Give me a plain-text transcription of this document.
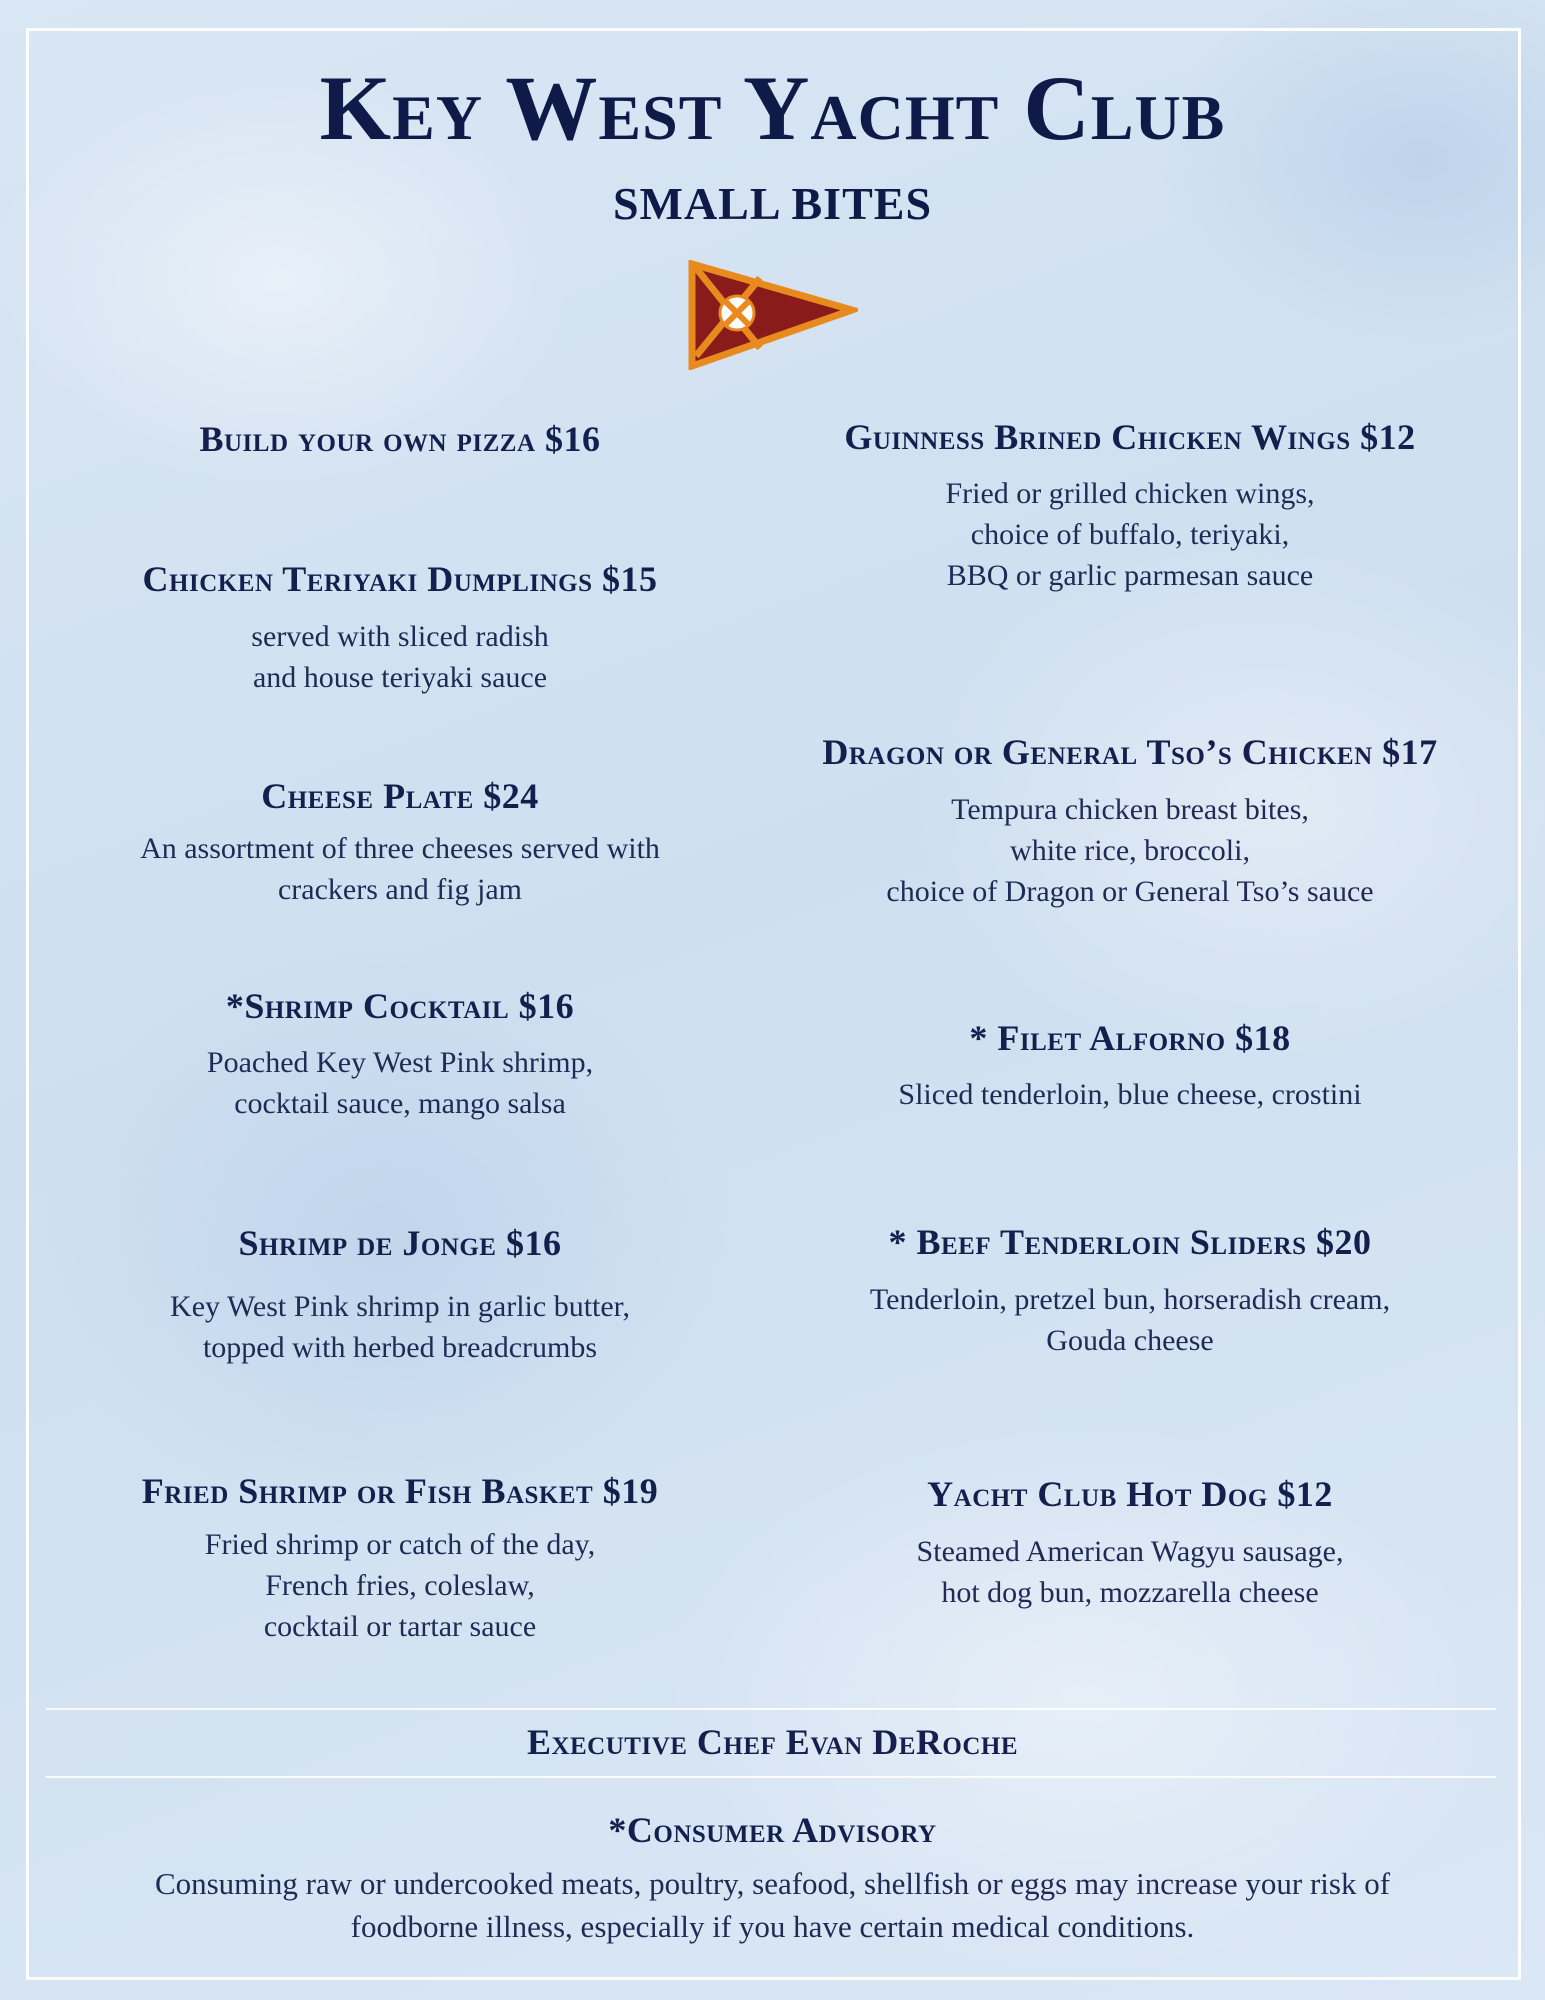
Key West Yacht Club
SMALL BITES
Build your own pizza $16
Chicken Teriyaki Dumplings $15
served with sliced radish
and house teriyaki sauce
Cheese Plate $24
An assortment of three cheeses served with
crackers and fig jam
*Shrimp Cocktail $16
Poached Key West Pink shrimp,
cocktail sauce, mango salsa
Shrimp de Jonge $16
Key West Pink shrimp in garlic butter,
topped with herbed breadcrumbs
Fried Shrimp or Fish Basket $19
Fried shrimp or catch of the day,
French fries, coleslaw,
cocktail or tartar sauce
Guinness Brined Chicken Wings $12
Fried or grilled chicken wings,
choice of buffalo, teriyaki,
BBQ or garlic parmesan sauce
Dragon or General Tso’s Chicken $17
Tempura chicken breast bites,
white rice, broccoli,
choice of Dragon or General Tso’s sauce
* Filet Alforno $18
Sliced tenderloin, blue cheese, crostini
* Beef Tenderloin Sliders $20
Tenderloin, pretzel bun, horseradish cream,
Gouda cheese
Yacht Club Hot Dog $12
Steamed American Wagyu sausage,
hot dog bun, mozzarella cheese
Executive Chef Evan DeRoche
*Consumer Advisory
Consuming raw or undercooked meats, poultry, seafood, shellfish or eggs may increase your risk of
foodborne illness, especially if you have certain medical conditions.
